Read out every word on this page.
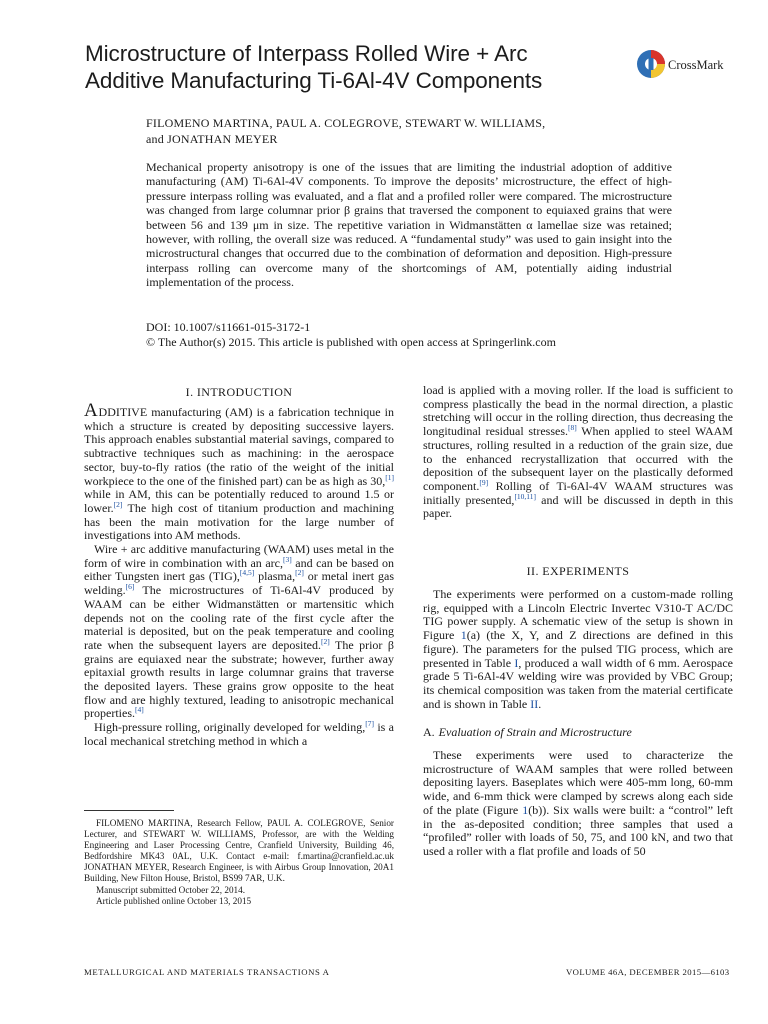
Microstructure of Interpass Rolled Wire + Arc
Additive Manufacturing Ti-6Al-4V Components
CrossMark
FILOMENO MARTINA, PAUL A. COLEGROVE, STEWART W. WILLIAMS,
and JONATHAN MEYER

Mechanical property anisotropy is one of the issues that are limiting the industrial adoption of additive manufacturing (AM) Ti-6Al-4V components. To improve the deposits’ microstructure, the effect of high-pressure interpass rolling was evaluated, and a flat and a profiled roller were compared. The microstructure was changed from large columnar prior β grains that traversed the component to equiaxed grains that were between 56 and 139 μm in size. The repetitive variation in Widmanstätten α lamellae size was retained; however, with rolling, the overall size was reduced. A “fundamental study” was used to gain insight into the microstructural changes that occurred due to the combination of deformation and deposition. High-pressure interpass rolling can overcome many of the shortcomings of AM, potentially aiding industrial implementation of the process.

DOI: 10.1007/s11661-015-3172-1
© The Author(s) 2015. This article is published with open access at Springerlink.com
I. INTRODUCTION

ADDITIVE manufacturing (AM) is a fabrication technique in which a structure is created by depositing successive layers. This approach enables substantial material savings, compared to subtractive techniques such as machining: in the aerospace sector, buy-to-fly ratios (the ratio of the weight of the initial workpiece to the one of the finished part) can be as high as 30,[1] while in AM, this can be potentially reduced to around 1.5 or lower.[2] The high cost of titanium production and machining has been the main motivation for the large number of investigations into AM methods.

Wire + arc additive manufacturing (WAAM) uses metal in the form of wire in combination with an arc,[3] and can be based on either Tungsten inert gas (TIG),[4,5] plasma,[2] or metal inert gas welding.[6] The microstructures of Ti-6Al-4V produced by WAAM can be either Widmanstätten or martensitic which depends not on the cooling rate of the first cycle after the material is deposited, but on the peak temperature and cooling rate when the subsequent layers are deposited.[2] The prior β grains are equiaxed near the substrate; however, further away epitaxial growth results in large columnar grains that traverse the deposited layers. These grains grow opposite to the heat flow and are highly textured, leading to anisotropic mechanical properties.[4]

High-pressure rolling, originally developed for welding,[7] is a local mechanical stretching method in which a

FILOMENO MARTINA, Research Fellow, PAUL A. COLEGROVE, Senior Lecturer, and STEWART W. WILLIAMS, Professor, are with the Welding Engineering and Laser Processing Centre, Cranfield University, Building 46, Bedfordshire MK43 0AL, U.K. Contact e-mail: f.martina@cranfield.ac.uk JONATHAN MEYER, Research Engineer, is with Airbus Group Innovation, 20A1 Building, New Filton House, Bristol, BS99 7AR, U.K.

Manuscript submitted October 22, 2014.

Article published online October 13, 2015

load is applied with a moving roller. If the load is sufficient to compress plastically the bead in the normal direction, a plastic stretching will occur in the rolling direction, thus decreasing the longitudinal residual stresses.[8] When applied to steel WAAM structures, rolling resulted in a reduction of the grain size, due to the enhanced recrystallization that occurred with the deposition of the subsequent layer on the plastically deformed component.[9] Rolling of Ti-6Al-4V WAAM structures was initially presented,[10,11] and will be discussed in depth in this paper.

II. EXPERIMENTS

The experiments were performed on a custom-made rolling rig, equipped with a Lincoln Electric Invertec V310-T AC/DC TIG power supply. A schematic view of the setup is shown in Figure 1(a) (the X, Y, and Z directions are defined in this figure). The parameters for the pulsed TIG process, which are presented in Table I, produced a wall width of 6 mm. Aerospace grade 5 Ti-6Al-4V welding wire was provided by VBC Group; its chemical composition was taken from the material certificate and is shown in Table II.

A. Evaluation of Strain and Microstructure

These experiments were used to characterize the microstructure of WAAM samples that were rolled between depositing layers. Baseplates which were 405-mm long, 60-mm wide, and 6-mm thick were clamped by screws along each side of the plate (Figure 1(b)). Six walls were built: a “control” left in the as-deposited condition; three samples that used a “profiled” roller with loads of 50, 75, and 100 kN, and two that used a roller with a flat profile and loads of 50

METALLURGICAL AND MATERIALS TRANSACTIONS A	VOLUME 46A, DECEMBER 2015—6103
